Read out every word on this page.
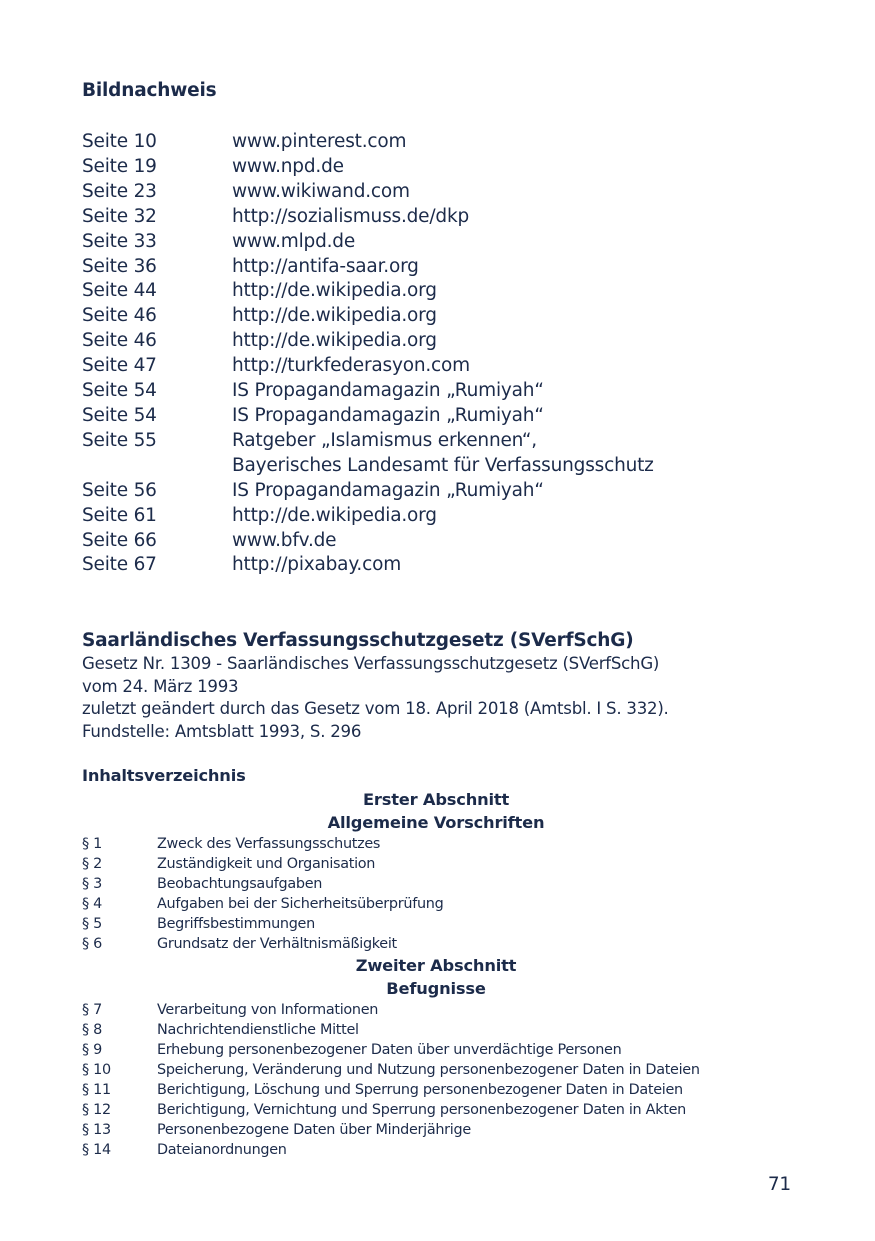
Bildnachweis
Seite 10	www.pinterest.com
Seite 19	www.npd.de
Seite 23	www.wikiwand.com
Seite 32	http://sozialismuss.de/dkp
Seite 33	www.mlpd.de
Seite 36	http://antifa-saar.org
Seite 44	http://de.wikipedia.org
Seite 46	http://de.wikipedia.org
Seite 46	http://de.wikipedia.org
Seite 47	http://turkfederasyon.com
Seite 54	IS Propagandamagazin „Rumiyah“
Seite 54	IS Propagandamagazin „Rumiyah“
Seite 55	Ratgeber „Islamismus erkennen“,
Bayerisches Landesamt für Verfassungsschutz
Seite 56	IS Propagandamagazin „Rumiyah“
Seite 61	http://de.wikipedia.org
Seite 66	www.bfv.de
Seite 67	http://pixabay.com
Saarländisches Verfassungsschutzgesetz (SVerfSchG)
Gesetz Nr. 1309 - Saarländisches Verfassungsschutzgesetz (SVerfSchG)
vom 24. März 1993
zuletzt geändert durch das Gesetz vom 18. April 2018 (Amtsbl. I S. 332).
Fundstelle: Amtsblatt 1993, S. 296
Inhaltsverzeichnis
Erster Abschnitt
Allgemeine Vorschriften
§ 1	Zweck des Verfassungsschutzes
§ 2	Zuständigkeit und Organisation
§ 3	Beobachtungsaufgaben
§ 4	Aufgaben bei der Sicherheitsüberprüfung
§ 5	Begriffsbestimmungen
§ 6	Grundsatz der Verhältnismäßigkeit
Zweiter Abschnitt
Befugnisse
§ 7	Verarbeitung von Informationen
§ 8	Nachrichtendienstliche Mittel
§ 9	Erhebung personenbezogener Daten über unverdächtige Personen
§ 10	Speicherung, Veränderung und Nutzung personenbezogener Daten in Dateien
§ 11	Berichtigung, Löschung und Sperrung personenbezogener Daten in Dateien
§ 12	Berichtigung, Vernichtung und Sperrung personenbezogener Daten in Akten
§ 13	Personenbezogene Daten über Minderjährige
§ 14	Dateianordnungen
71
